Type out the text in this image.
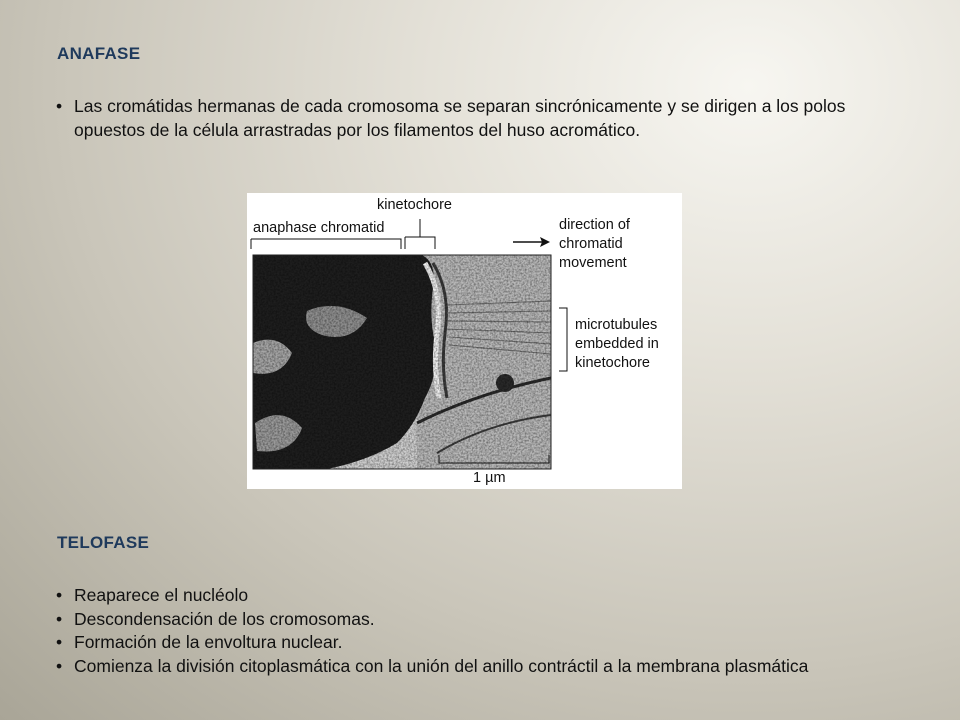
ANAFASE
• Las cromátidas hermanas de cada cromosoma se separan sincrónicamente y se dirigen a los polos opuestos de la célula arrastradas por los filamentos del huso acromático.
kinetochore
anaphase chromatid	direction of
chromatid
movement
microtubules
embedded in
kinetochore
1 µm
TELOFASE
• Reaparece el nucléolo
• Descondensación de los cromosomas.
• Formación de la envoltura nuclear.
• Comienza la división citoplasmática con la unión del anillo contráctil a la membrana plasmática
